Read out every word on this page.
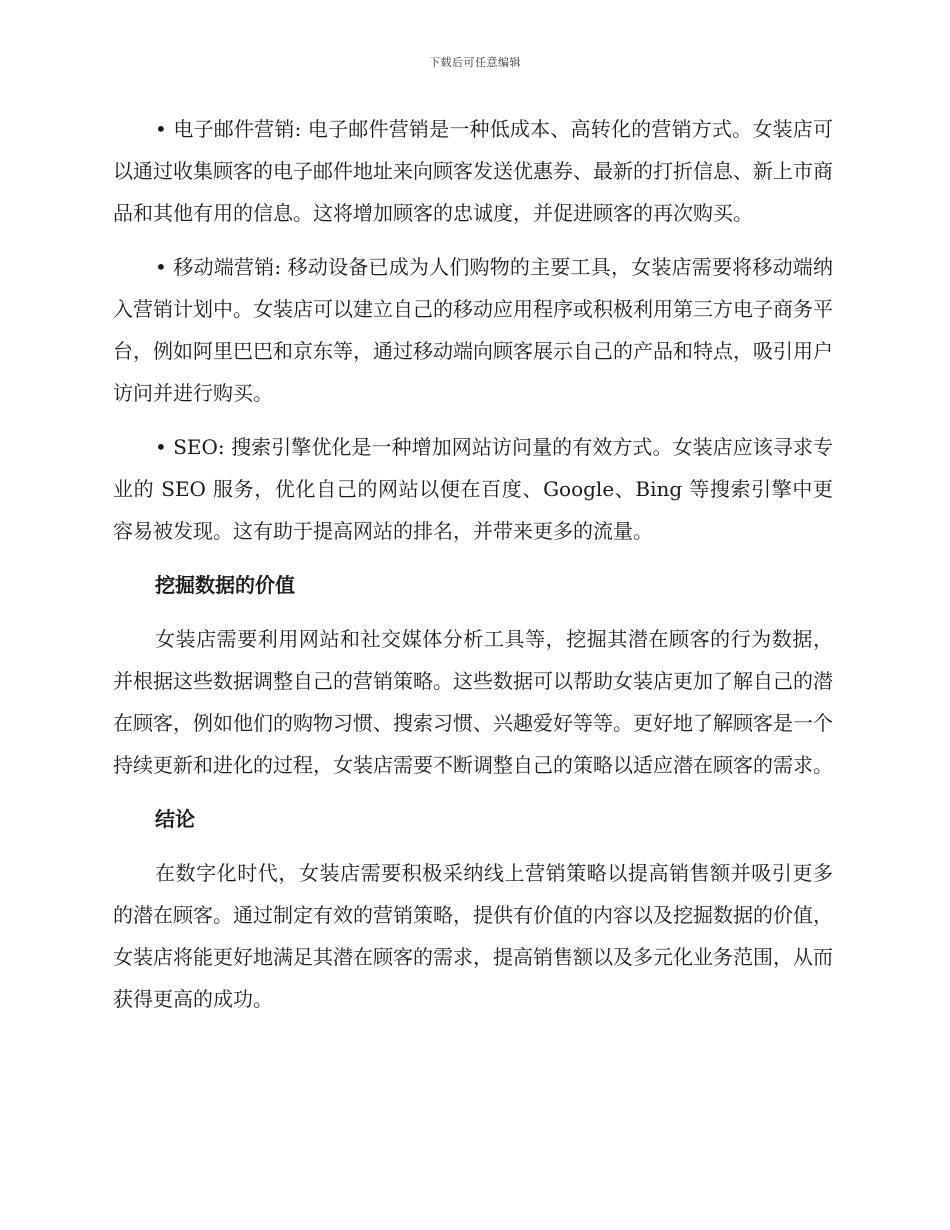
下载后可任意编辑

• 电子邮件营销: 电子邮件营销是一种低成本、高转化的营销方式。女装店可以通过收集顾客的电子邮件地址来向顾客发送优惠券、最新的打折信息、新上市商品和其他有用的信息。这将增加顾客的忠诚度，并促进顾客的再次购买。

• 移动端营销: 移动设备已成为人们购物的主要工具，女装店需要将移动端纳入营销计划中。女装店可以建立自己的移动应用程序或积极利用第三方电子商务平台，例如阿里巴巴和京东等，通过移动端向顾客展示自己的产品和特点，吸引用户访问并进行购买。

• SEO: 搜索引擎优化是一种增加网站访问量的有效方式。女装店应该寻求专业的 SEO 服务，优化自己的网站以便在百度、Google、Bing 等搜索引擎中更容易被发现。这有助于提高网站的排名，并带来更多的流量。

挖掘数据的价值

女装店需要利用网站和社交媒体分析工具等，挖掘其潜在顾客的行为数据，并根据这些数据调整自己的营销策略。这些数据可以帮助女装店更加了解自己的潜在顾客，例如他们的购物习惯、搜索习惯、兴趣爱好等等。更好地了解顾客是一个持续更新和进化的过程，女装店需要不断调整自己的策略以适应潜在顾客的需求。

结论

在数字化时代，女装店需要积极采纳线上营销策略以提高销售额并吸引更多的潜在顾客。通过制定有效的营销策略，提供有价值的内容以及挖掘数据的价值，女装店将能更好地满足其潜在顾客的需求，提高销售额以及多元化业务范围，从而获得更高的成功。
